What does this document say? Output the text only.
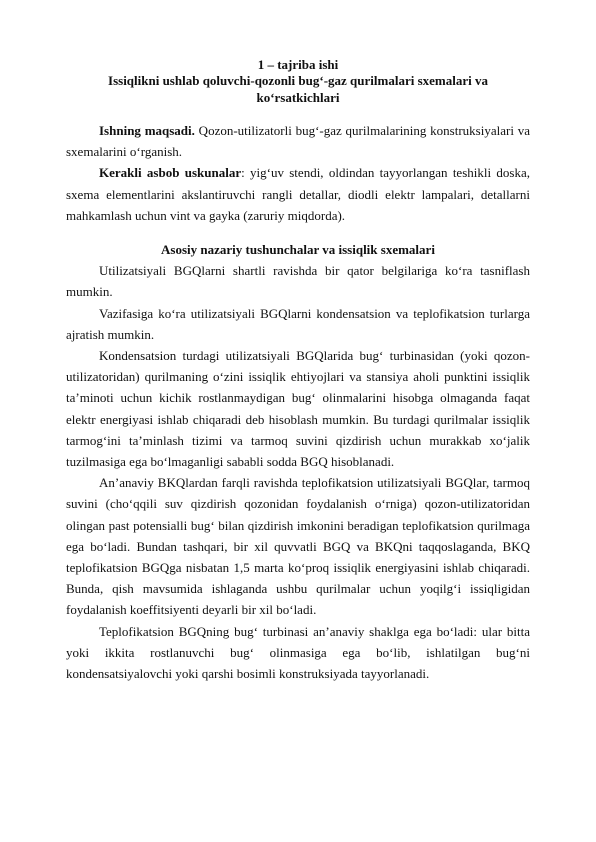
1 – tajriba ishi
Issiqlikni ushlab qoluvchi-qozonli bug‘-gaz qurilmalari sxemalari va
ko‘rsatkichlari

Ishning maqsadi. Qozon-utilizatorli bug‘-gaz qurilmalarining konstruksiyalari va sxemalarini o‘rganish.

Kerakli asbob uskunalar: yig‘uv stendi, oldindan tayyorlangan teshikli doska, sxema elementlarini akslantiruvchi rangli detallar, diodli elektr lampalari, detallarni mahkamlash uchun vint va gayka (zaruriy miqdorda).

Asosiy nazariy tushunchalar va issiqlik sxemalari

Utilizatsiyali BGQlarni shartli ravishda bir qator belgilariga ko‘ra tasniflash mumkin.

Vazifasiga ko‘ra utilizatsiyali BGQlarni kondensatsion va teplofikatsion turlarga ajratish mumkin.

Kondensatsion turdagi utilizatsiyali BGQlarida bug‘ turbinasidan (yoki qozon-utilizatoridan) qurilmaning o‘zini issiqlik ehtiyojlari va stansiya aholi punktini issiqlik ta’minoti uchun kichik rostlanmaydigan bug‘ olinmalarini hisobga olmaganda faqat elektr energiyasi ishlab chiqaradi deb hisoblash mumkin. Bu turdagi qurilmalar issiqlik tarmog‘ini ta’minlash tizimi va tarmoq suvini qizdirish uchun murakkab xo‘jalik tuzilmasiga ega bo‘lmaganligi sababli sodda BGQ hisoblanadi.

An’anaviy BKQlardan farqli ravishda teplofikatsion utilizatsiyali BGQlar, tarmoq suvini (cho‘qqili suv qizdirish qozonidan foydalanish o‘rniga) qozon-utilizatoridan olingan past potensialli bug‘ bilan qizdirish imkonini beradigan teplofikatsion qurilmaga ega bo‘ladi. Bundan tashqari, bir xil quvvatli BGQ va BKQni taqqoslaganda, BKQ teplofikatsion BGQga nisbatan 1,5 marta ko‘proq issiqlik energiyasini ishlab chiqaradi. Bunda, qish mavsumida ishlaganda ushbu qurilmalar uchun yoqilg‘i issiqligidan foydalanish koeffitsiyenti deyarli bir xil bo‘ladi.

Teplofikatsion BGQning bug‘ turbinasi an’anaviy shaklga ega bo‘ladi: ular bitta yoki ikkita rostlanuvchi bug‘ olinmasiga ega bo‘lib, ishlatilgan bug‘ni kondensatsiyalovchi yoki qarshi bosimli konstruksiyada tayyorlanadi.
